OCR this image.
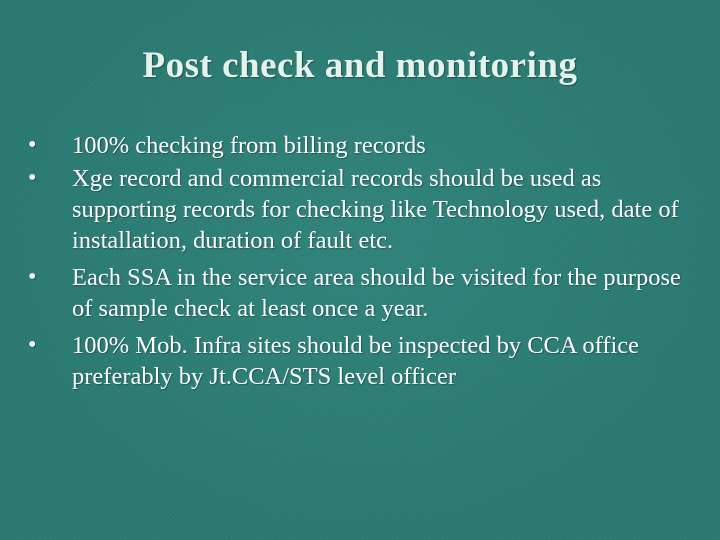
Post check and monitoring
•	100% checking from billing records
•	Xge record and commercial records should be used as supporting records for checking like Technology used, date of installation, duration of fault etc.
•	Each SSA in the service area should be visited for the purpose of sample check at least once a year.
•	100% Mob. Infra sites should be inspected by CCA office preferably by Jt.CCA/STS level officer
